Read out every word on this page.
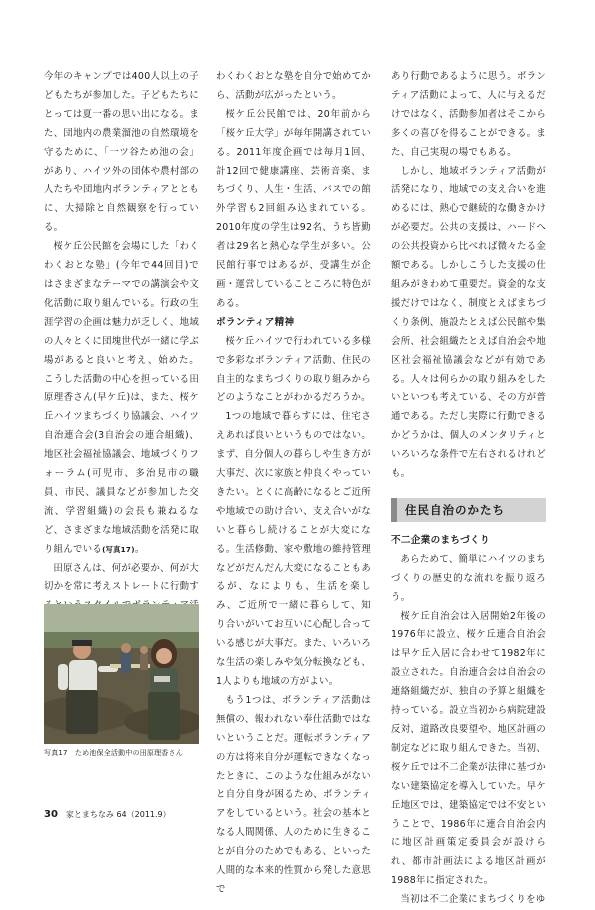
今年のキャンプでは400人以上の子どもたちが参加した。子どもたちにとっては夏一番の思い出になる。また、団地内の農業溜池の自然環境を守るために、「一ツ谷ため池の会」があり、ハイツ外の団体や農村部の人たちや団地内ボランティアとともに、大掃除と自然観察を行っている。

桜ケ丘公民館を会場にした「わくわくおとな塾」(今年で44回目)ではさまざまなテーマでの講演会や文化活動に取り組んでいる。行政の生涯学習の企画は魅力が乏しく、地域の人々とくに団塊世代が一緒に学ぶ場があると良いと考え、始めた。こうした活動の中心を担っている田原理香さん(早ケ丘)は、また、桜ケ丘ハイツまちづくり協議会、ハイツ自治連合会(3自治会の連合組織)、地区社会福祉協議会、地域づくりフォーラム(可児市、多治見市の職員、市民、議員などが参加した交流、学習組織)の会長も兼ねるなど、さまざまな地域活動を活発に取り組んでいる(写真17)。

田原さんは、何が必要か、何が大切かを常に考えストレートに行動す

写真17　ため池保全活動中の田原理香さん

わくわくおとな塾を自分で始めてから、活動が広がったという。

桜ケ丘公民館では、20年前から「桜ケ丘大学」が毎年開講されている。2011年度企画では毎月1回、計12回で健康講座、芸術音楽、まちづくり、人生・生活、バスでの館外学習も2回組み込まれている。2010年度の学生は92名、うち皆勤者は29名と熱心な学生が多い。公民館行事ではあるが、受講生が企画・運営していることころに特色がある。

ボランティア精神

桜ケ丘ハイツで行われている多様で多彩なボランティア活動、住民の自主的なまちづくりの取り組みからどのようなことがわかるだろうか。

1つの地域で暮らすには、住宅さえあれば良いというものではない。まず、自分個人の暮らしや生き方が大事だ、次に家族と仲良くやっていきたい。とくに高齢になるとご近所や地域での助け合い、支え合いがないと暮らし続けることが大変になる。生活修動、家や敷地の維持管理などがだんだん大変になることもあるが、なによりも、生活を楽しみ、ご近所で一緒に暮らして、知り合いがいてお互いに心配し合っている感じが大事だ。また、いろいろな生活の楽しみや気分転換なども、1人よりも地域の方がよい。

もう1つは、ボランティア活動は無償の、報われない奉仕活動ではないということだ。運転ボランティアの方は将来自分が運転できなくなったときに、このような仕組みがないと自分自身が困るため、ボランティアをしているという。社会の基本となる人間関係、人のために生きることが自分のためでもある、といった人間的な本来的性質から発した意思で

あり行動であるように思う。ボランティア活動によって、人に与えるだけではなく、活動参加者はそこから多くの喜びを得ることができる。また、自己実現の場でもある。

しかし、地域ボランティア活動が活発になり、地域での支え合いを進めるには、熱心で継続的な働きかけが必要だ。公共の支援は、ハードへの公共投資から比べれば微々たる金額である。しかしこうした支援の仕組みがきわめて重要だ。資金的な支援だけではなく、制度とえばまちづくり条例、施設たとえば公民館や集会所、社会組織たとえば自治会や地区社会福祉協議会などが有効である。人々は何らかの取り組みをしたいといつも考えている、その方が普通である。ただし実際に行動できるかどうかは、個人のメンタリティといろいろな条件で左右されるけれども。

住民自治のかたち

不二企業のまちづくり

あらためて、簡単にハイツのまちづくりの歴史的な流れを振り返ろう。

桜ケ丘自治会は入居開始2年後の1976年に設立、桜ケ丘連合自治会は早ケ丘入居に合わせて1982年に設立された。自治連合会は自治会の連絡組織だが、独自の予算と組織を持っている。設立当初から病院建設反対、道路改良要望や、地区計画の制定などに取り組んできた。当初、桜ケ丘では不二企業が法律に基づかない建築協定を導入していた。早ケ丘地区では、建築協定では不安ということで、1986年に連合自治会内に地区計画策定委員会が設けられ、都市計画法による地区計画が1988年に指定された。

当初は不二企業にまちづくりをゆ

30 家とまちなみ 64（2011.9）
